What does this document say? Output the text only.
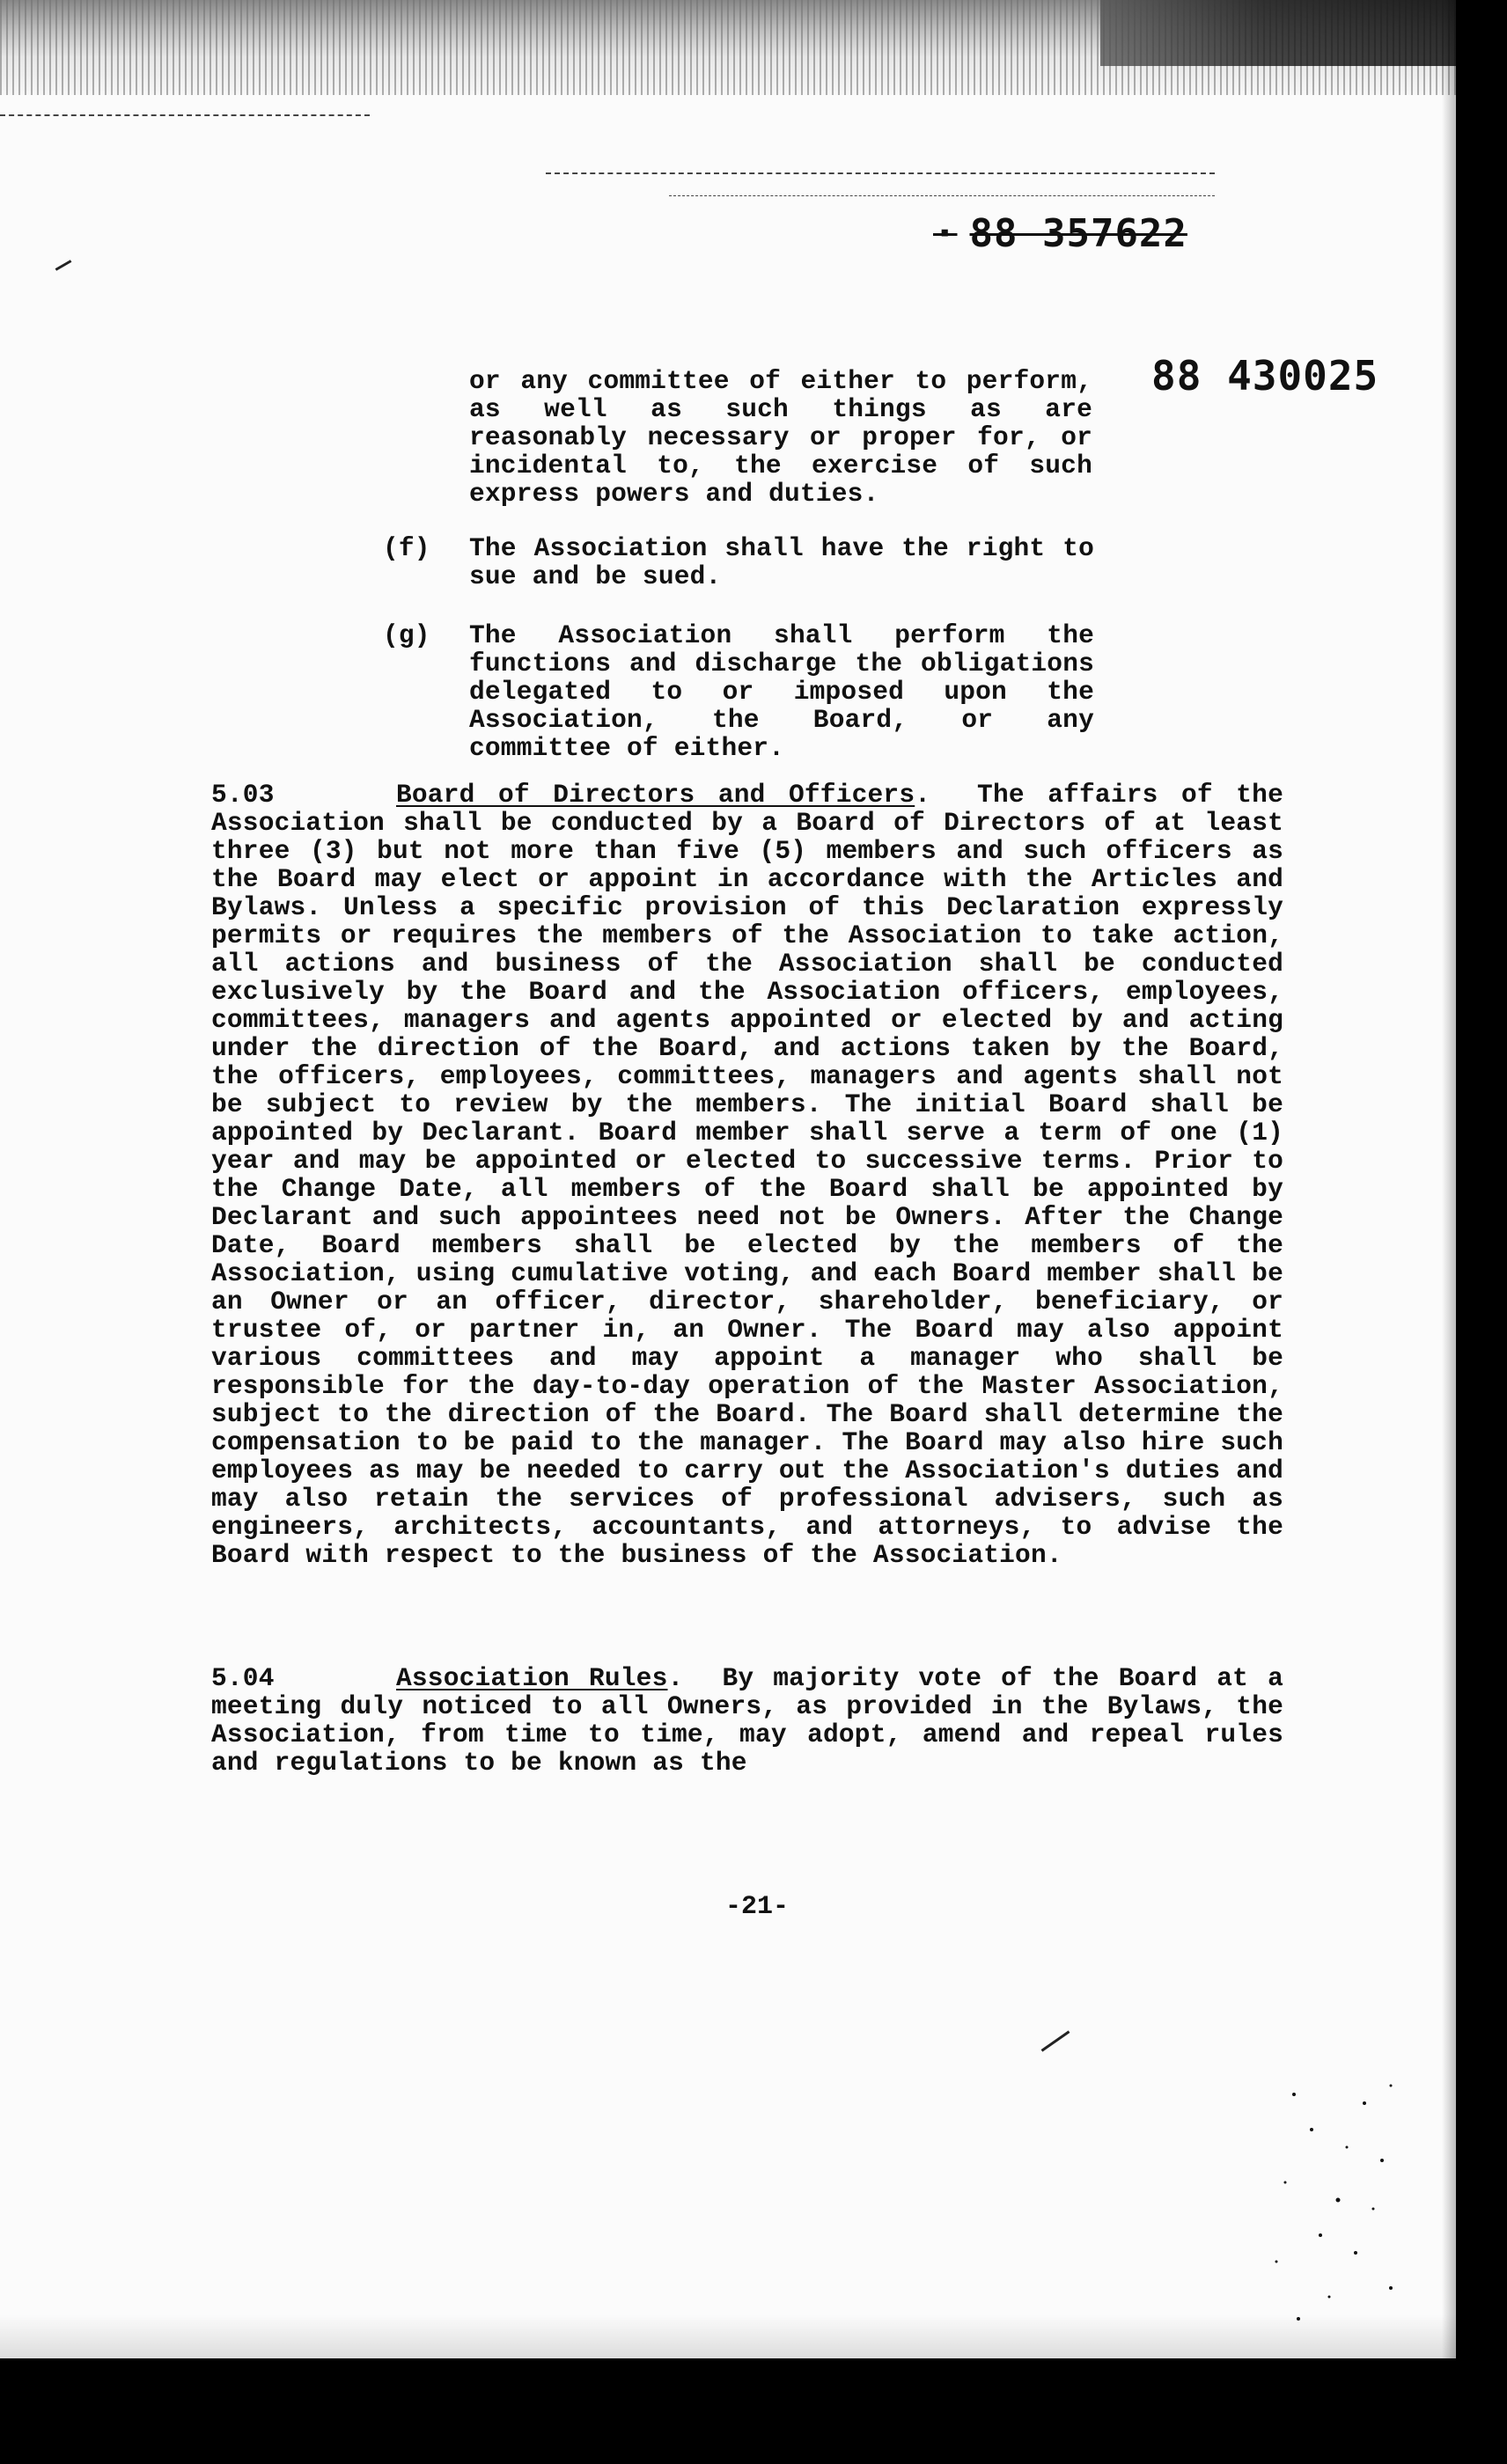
· 88 357622
88 430025
or any committee of either to perform, as well as such things as are reasonably necessary or proper for, or incidental to, the exercise of such express powers and duties.
(f)	The Association shall have the right to sue and be sued.
(g)	The Association shall perform the functions and discharge the obligations delegated to or imposed upon the Association, the Board, or any committee of either.
5.03	Board of Directors and Officers.  The affairs of the Association shall be conducted by a Board of Directors of at least three (3) but not more than five (5) members and such officers as the Board may elect or appoint in accordance with the Articles and Bylaws. Unless a specific provision of this Declaration expressly permits or requires the members of the Association to take action, all actions and business of the Association shall be conducted exclusively by the Board and the Association officers, employees, committees, managers and agents appointed or elected by and acting under the direction of the Board, and actions taken by the Board, the officers, employees, committees, managers and agents shall not be subject to review by the members. The initial Board shall be appointed by Declarant. Board member shall serve a term of one (1) year and may be appointed or elected to successive terms. Prior to the Change Date, all members of the Board shall be appointed by Declarant and such appointees need not be Owners. After the Change Date, Board members shall be elected by the members of the Association, using cumulative voting, and each Board member shall be an Owner or an officer, director, shareholder, beneficiary, or trustee of, or partner in, an Owner. The Board may also appoint various committees and may appoint a manager who shall be responsible for the day-to-day operation of the Master Association, subject to the direction of the Board. The Board shall determine the compensation to be paid to the manager. The Board may also hire such employees as may be needed to carry out the Association's duties and may also retain the services of professional advisers, such as engineers, architects, accountants, and attorneys, to advise the Board with respect to the business of the Association.
5.04	Association Rules.  By majority vote of the Board at a meeting duly noticed to all Owners, as provided in the Bylaws, the Association, from time to time, may adopt, amend and repeal rules and regulations to be known as the
-21-
